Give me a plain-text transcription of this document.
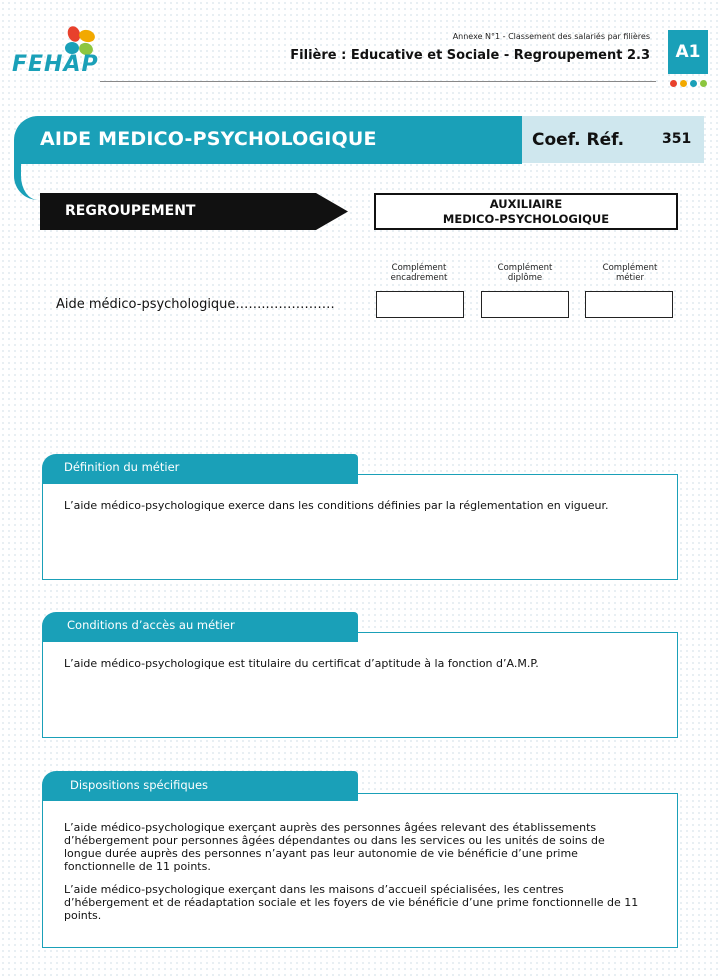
FEHAP
Annexe N°1 - Classement des salariés par filières
Filière : Educative et Sociale - Regroupement 2.3	A1
AIDE MEDICO-PSYCHOLOGIQUE	Coef. Réf.	351
REGROUPEMENT	AUXILIAIRE
MEDICO-PSYCHOLOGIQUE
Complément
encadrement
Complément
diplôme
Complément
métier
Aide médico-psychologique……..……………
Définition du métier
L’aide médico-psychologique exerce dans les conditions définies par la réglementation en vigueur.
Conditions d’accès au métier
L’aide médico-psychologique est titulaire du certificat d’aptitude à la fonction d’A.M.P.
Dispositions spécifiques
L’aide médico-psychologique exerçant auprès des personnes âgées relevant des établissements d’hébergement pour personnes âgées dépendantes ou dans les services ou les unités de soins de longue durée auprès des personnes n’ayant pas leur autonomie de vie bénéficie d’une prime fonctionnelle de 11 points.
L’aide médico-psychologique exerçant dans les maisons d’accueil spécialisées, les centres d’hébergement et de réadaptation sociale et les foyers de vie bénéficie d’une prime fonctionnelle de 11 points.
